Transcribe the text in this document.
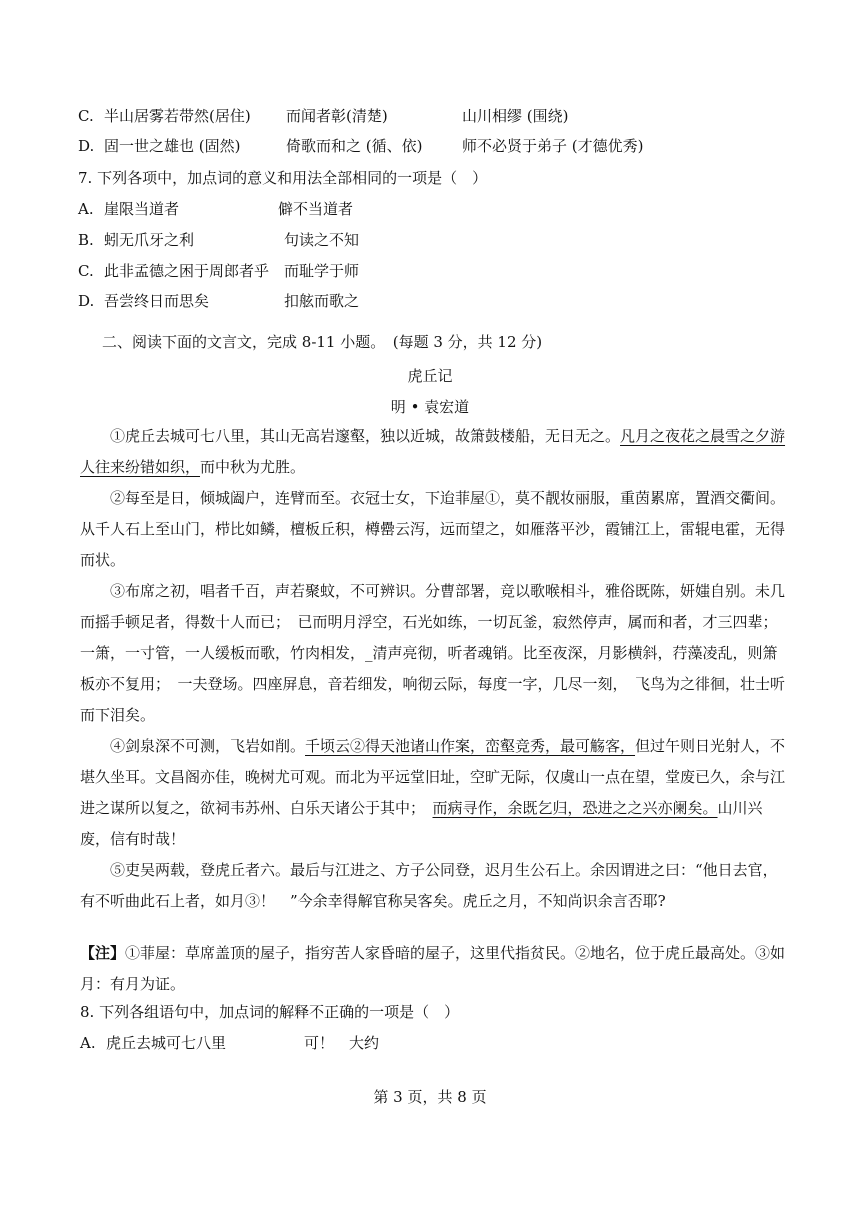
C. 半山居雾若带然(居住) 而闻者彰(清楚)	山川相缪 (围绕)
D. 固一世之雄也 (固然)	倚歌而和之 (循、依)	师不必贤于弟子 (才德优秀)
7. 下列各项中，加点词的意义和用法全部相同的一项是（　）
A. 崖限当道者	僻不当道者
B. 蚓无爪牙之利	句读之不知
C. 此非孟德之困于周郎者乎 而耻学于师
D. 吾尝终日而思矣	扣舷而歌之
二、阅读下面的文言文，完成 8-11 小题。　(每题 3 分，共 12 分)
虎丘记
明 • 袁宏道
①虎丘去城可七八里，其山无高岩邃壑，独以近城，故箫鼓楼船，无日无之。凡月之夜花之晨雪之夕游人往来纷错如织，而中秋为尤胜。
②每至是日，倾城阖户，连臂而至。衣冠士女，下迨菲屋①，莫不靓妆丽服，重茵累席，置酒交衢间。从千人石上至山门，栉比如鳞，檀板丘积，樽罍云泻，远而望之，如雁落平沙，霞铺江上，雷辊电霍，无得而状。
③布席之初，唱者千百，声若聚蚊，不可辨识。分曹部署，竞以歌喉相斗，雅俗既陈，妍媸自别。未几而摇手顿足者，得数十人而已；　已而明月浮空，石光如练，一切瓦釜，寂然停声，属而和者，才三四辈；　一箫，一寸管，一人缓板而歌，竹肉相发，_清声亮彻，听者魂销。比至夜深，月影横斜，荇藻凌乱，则箫板亦不复用；　一夫登场。四座屏息，音若细发，响彻云际，每度一字，几尽一刻，　飞鸟为之徘徊，壮士听而下泪矣。
④剑泉深不可测，飞岩如削。千顷云②得天池诸山作案，峦壑竞秀，最可觞客，但过午则日光射人，不堪久坐耳。文昌阁亦佳，晚树尤可观。而北为平远堂旧址，空旷无际，仅虞山一点在望，堂废已久，余与江进之谋所以复之，欲祠韦苏州、白乐天诸公于其中；　而病寻作，余既乞归，恐进之之兴亦阑矣。山川兴废，信有时哉！
⑤吏吴两载，登虎丘者六。最后与江进之、方子公同登，迟月生公石上。余因谓进之曰：“他日去官，有不听曲此石上者，如月③！　”今余幸得解官称吴客矣。虎丘之月，不知尚识余言否耶?
【注】①菲屋：草席盖顶的屋子，指穷苦人家昏暗的屋子，这里代指贫民。②地名，位于虎丘最高处。③如月：有月为证。
8. 下列各组语句中，加点词的解释不正确的一项是（　）
A. 虎丘去城可七八里	可！　大约
第 3 页，共 8 页
